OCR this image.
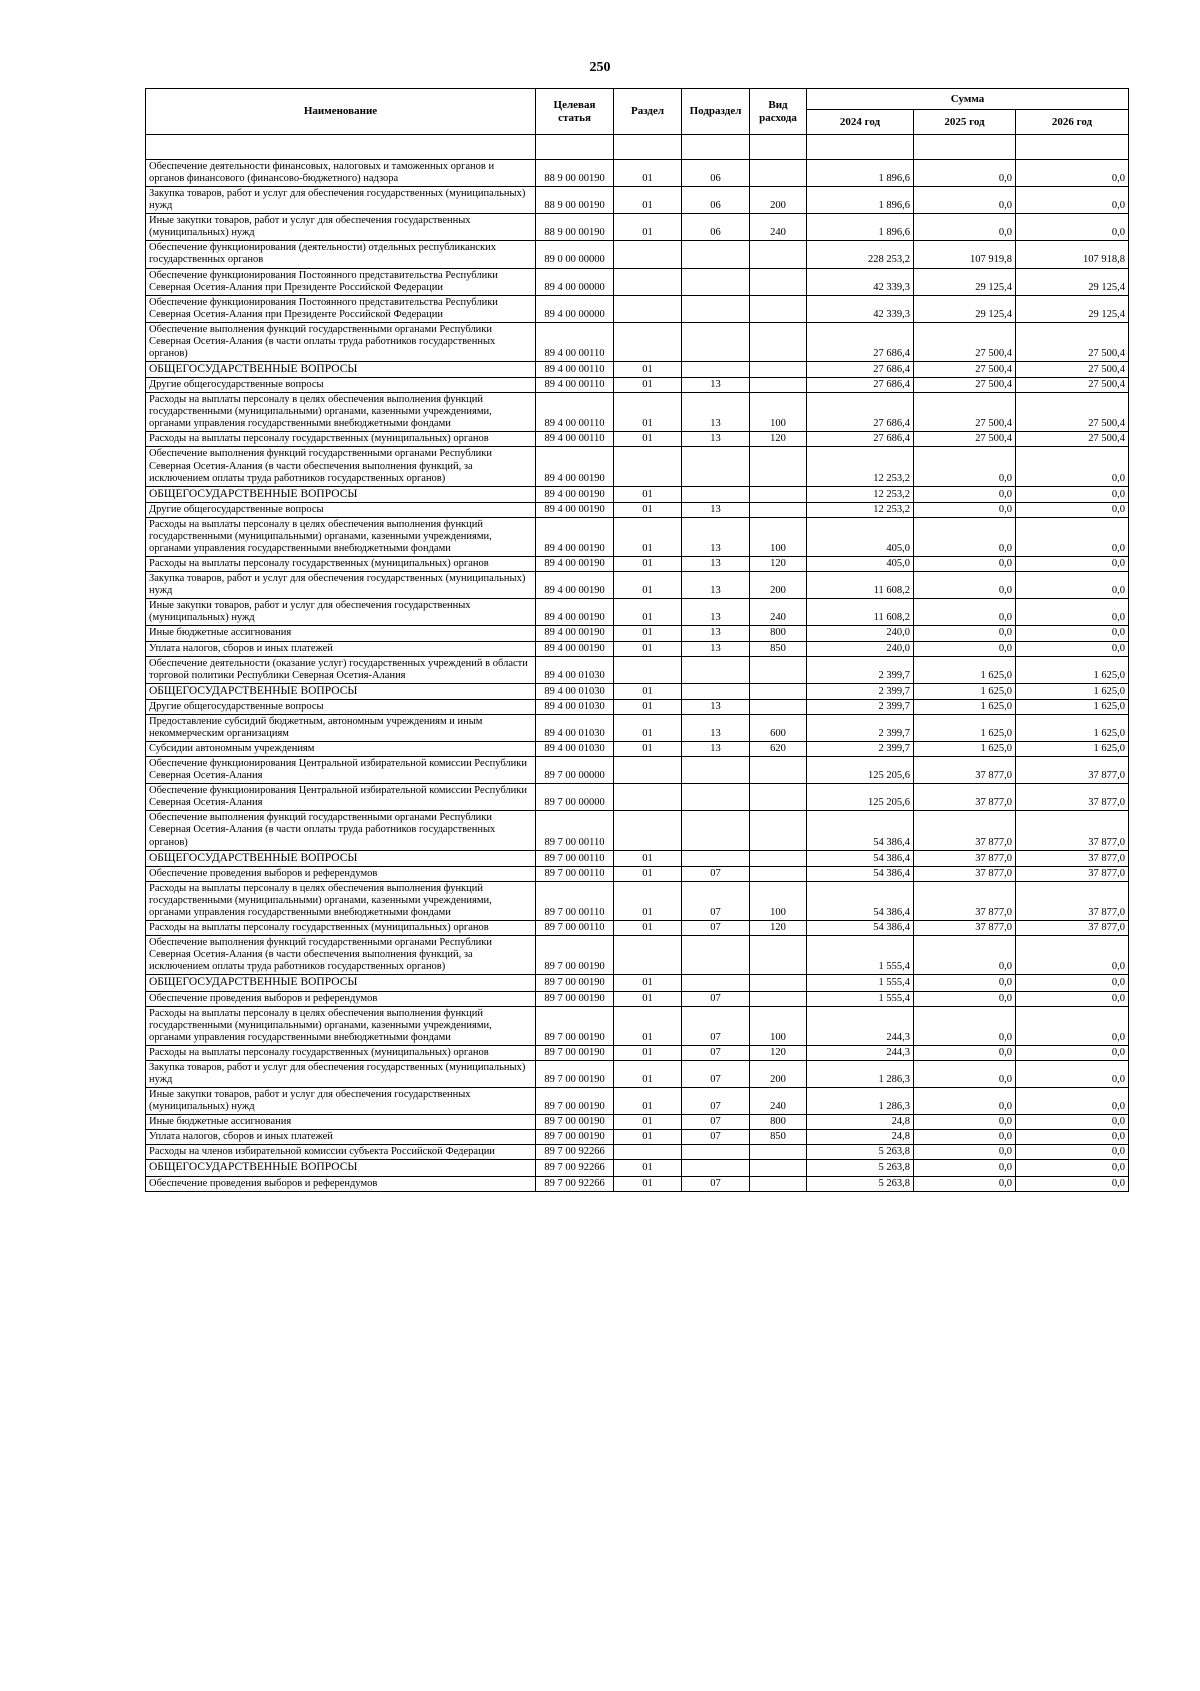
250
Наименование	Целевая статья	Раздел	Подраздел	Вид расхода	Сумма		
					2024 год	2025 год	2026 год

Обеспечение деятельности финансовых, налоговых и таможенных органов и органов финансового (финансово-бюджетного) надзора	88 9 00 00190	01	06		1 896,6	0,0	0,0
Закупка товаров, работ и услуг для обеспечения государственных (муниципальных) нужд	88 9 00 00190	01	06	200	1 896,6	0,0	0,0
Иные закупки товаров, работ и услуг для обеспечения государственных (муниципальных) нужд	88 9 00 00190	01	06	240	1 896,6	0,0	0,0
Обеспечение функционирования (деятельности) отдельных республиканских государственных органов	89 0 00 00000				228 253,2	107 919,8	107 918,8
Обеспечение функционирования Постоянного представительства Республики Северная Осетия-Алания при Президенте Российской Федерации	89 4 00 00000				42 339,3	29 125,4	29 125,4
Обеспечение функционирования Постоянного представительства Республики Северная Осетия-Алания при Президенте Российской Федерации	89 4 00 00000				42 339,3	29 125,4	29 125,4
Обеспечение выполнения функций государственными органами Республики Северная Осетия-Алания (в части оплаты труда работников государственных органов)	89 4 00 00110				27 686,4	27 500,4	27 500,4
ОБЩЕГОСУДАРСТВЕННЫЕ ВОПРОСЫ	89 4 00 00110	01			27 686,4	27 500,4	27 500,4
Другие общегосударственные вопросы	89 4 00 00110	01	13		27 686,4	27 500,4	27 500,4
Расходы на выплаты персоналу в целях обеспечения выполнения функций государственными (муниципальными) органами, казенными учреждениями, органами управления государственными внебюджетными фондами	89 4 00 00110	01	13	100	27 686,4	27 500,4	27 500,4
Расходы на выплаты персоналу государственных (муниципальных) органов	89 4 00 00110	01	13	120	27 686,4	27 500,4	27 500,4
Обеспечение выполнения функций государственными органами Республики Северная Осетия-Алания (в части обеспечения выполнения функций, за исключением оплаты труда работников государственных органов)	89 4 00 00190				12 253,2	0,0	0,0
ОБЩЕГОСУДАРСТВЕННЫЕ ВОПРОСЫ	89 4 00 00190	01			12 253,2	0,0	0,0
Другие общегосударственные вопросы	89 4 00 00190	01	13		12 253,2	0,0	0,0
Расходы на выплаты персоналу в целях обеспечения выполнения функций государственными (муниципальными) органами, казенными учреждениями, органами управления государственными внебюджетными фондами	89 4 00 00190	01	13	100	405,0	0,0	0,0
Расходы на выплаты персоналу государственных (муниципальных) органов	89 4 00 00190	01	13	120	405,0	0,0	0,0
Закупка товаров, работ и услуг для обеспечения государственных (муниципальных) нужд	89 4 00 00190	01	13	200	11 608,2	0,0	0,0
Иные закупки товаров, работ и услуг для обеспечения государственных (муниципальных) нужд	89 4 00 00190	01	13	240	11 608,2	0,0	0,0
Иные бюджетные ассигнования	89 4 00 00190	01	13	800	240,0	0,0	0,0
Уплата налогов, сборов и иных платежей	89 4 00 00190	01	13	850	240,0	0,0	0,0
Обеспечение деятельности (оказание услуг) государственных учреждений в области торговой политики Республики Северная Осетия-Алания	89 4 00 01030				2 399,7	1 625,0	1 625,0
ОБЩЕГОСУДАРСТВЕННЫЕ ВОПРОСЫ	89 4 00 01030	01			2 399,7	1 625,0	1 625,0
Другие общегосударственные вопросы	89 4 00 01030	01	13		2 399,7	1 625,0	1 625,0
Предоставление субсидий бюджетным, автономным учреждениям и иным некоммерческим организациям	89 4 00 01030	01	13	600	2 399,7	1 625,0	1 625,0
Субсидии автономным учреждениям	89 4 00 01030	01	13	620	2 399,7	1 625,0	1 625,0
Обеспечение функционирования Центральной избирательной комиссии Республики Северная Осетия-Алания	89 7 00 00000				125 205,6	37 877,0	37 877,0
Обеспечение функционирования Центральной избирательной комиссии Республики Северная Осетия-Алания	89 7 00 00000				125 205,6	37 877,0	37 877,0
Обеспечение выполнения функций государственными органами Республики Северная Осетия-Алания (в части оплаты труда работников государственных органов)	89 7 00 00110				54 386,4	37 877,0	37 877,0
ОБЩЕГОСУДАРСТВЕННЫЕ ВОПРОСЫ	89 7 00 00110	01			54 386,4	37 877,0	37 877,0
Обеспечение проведения выборов и референдумов	89 7 00 00110	01	07		54 386,4	37 877,0	37 877,0
Расходы на выплаты персоналу в целях обеспечения выполнения функций государственными (муниципальными) органами, казенными учреждениями, органами управления государственными внебюджетными фондами	89 7 00 00110	01	07	100	54 386,4	37 877,0	37 877,0
Расходы на выплаты персоналу государственных (муниципальных) органов	89 7 00 00110	01	07	120	54 386,4	37 877,0	37 877,0
Обеспечение выполнения функций государственными органами Республики Северная Осетия-Алания (в части обеспечения выполнения функций, за исключением оплаты труда работников государственных органов)	89 7 00 00190				1 555,4	0,0	0,0
ОБЩЕГОСУДАРСТВЕННЫЕ ВОПРОСЫ	89 7 00 00190	01			1 555,4	0,0	0,0
Обеспечение проведения выборов и референдумов	89 7 00 00190	01	07		1 555,4	0,0	0,0
Расходы на выплаты персоналу в целях обеспечения выполнения функций государственными (муниципальными) органами, казенными учреждениями, органами управления государственными внебюджетными фондами	89 7 00 00190	01	07	100	244,3	0,0	0,0
Расходы на выплаты персоналу государственных (муниципальных) органов	89 7 00 00190	01	07	120	244,3	0,0	0,0
Закупка товаров, работ и услуг для обеспечения государственных (муниципальных) нужд	89 7 00 00190	01	07	200	1 286,3	0,0	0,0
Иные закупки товаров, работ и услуг для обеспечения государственных (муниципальных) нужд	89 7 00 00190	01	07	240	1 286,3	0,0	0,0
Иные бюджетные ассигнования	89 7 00 00190	01	07	800	24,8	0,0	0,0
Уплата налогов, сборов и иных платежей	89 7 00 00190	01	07	850	24,8	0,0	0,0
Расходы на членов избирательной комиссии субъекта Российской Федерации	89 7 00 92266				5 263,8	0,0	0,0
ОБЩЕГОСУДАРСТВЕННЫЕ ВОПРОСЫ	89 7 00 92266	01			5 263,8	0,0	0,0
Обеспечение проведения выборов и референдумов	89 7 00 92266	01	07		5 263,8	0,0	0,0
